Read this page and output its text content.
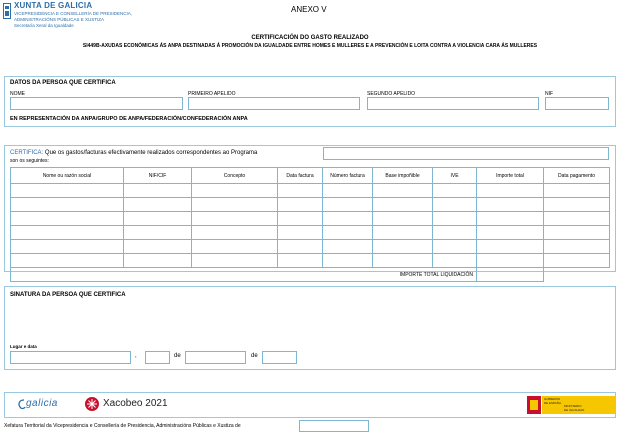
XUNTA DE GALICIA
VICEPRESIDENCIA E CONSELLERÍA DE PRESIDENCIA,
ADMINISTRACIÓNS PÚBLICAS E XUSTIZA
Secretaría Xeral da Igualdade
ANEXO V
CERTIFICACIÓN DO GASTO REALIZADO
SI449B-AXUDAS ECONÓMICAS ÁS ANPA DESTINADAS Á PROMOCIÓN DA IGUALDADE ENTRE HOMES E MULLERES E A PREVENCIÓN E LOITA CONTRA A VIOLENCIA CARA ÁS MULLERES
DATOS DA PERSOA QUE CERTIFICA
NOME	PRIMEIRO APELIDO	SEGUNDO APELIDO	NIF
EN REPRESENTACIÓN DA ANPA/GRUPO DE ANPA/FEDERACIÓN/CONFEDERACIÓN ANPA
CERTIFICA: Que os gastos/facturas efectivamente realizados correspondentes ao Programa
son os seguintes:
Nome ou razón social	NIF/CIF	Concepto	Data factura	Número factura	Base impoñible	IVE	Importe total	Data pagamento

IMPORTE TOTAL LIQUIDACIÓN								
SINATURA DA PERSOA QUE CERTIFICA
Lugar e data
,	de	de
galicia	Xacobeo 2021	GOBIERNO
DE ESPAÑA
MINISTERIO
DE IGUALDAD
Xefatura Territorial da Vicepresidencia e Consellería de Presidencia, Administracións Públicas e Xustiza de
